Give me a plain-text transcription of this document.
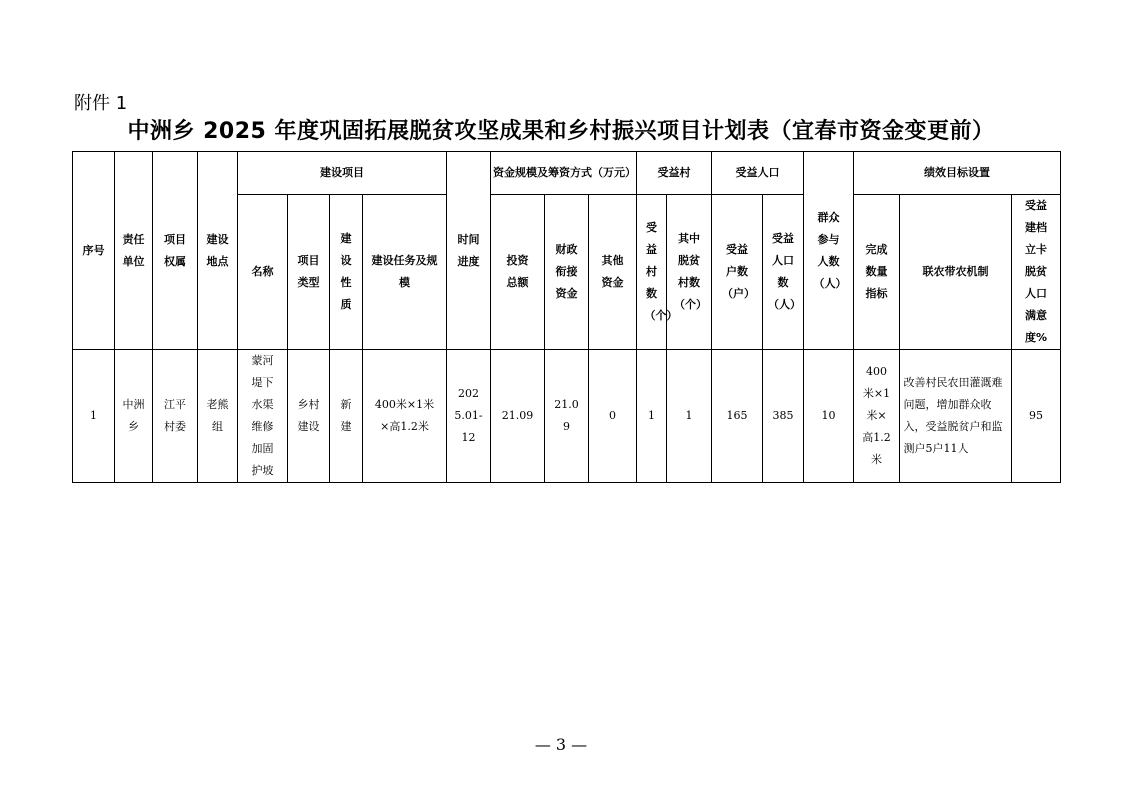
附件 1
中洲乡 2025 年度巩固拓展脱贫攻坚成果和乡村振兴项目计划表（宜春市资金变更前）
序号	责任单位	项目权属	建设地点	建设项目				时间进度	资金规模及筹资方式（万元）			受益村		受益人口		群众参与人数（人）	绩效目标设置		
				名称	项目类型	建设性质	建设任务及规模		投资总额	财政衔接资金	其他资金	受益村数（个）	其中脱贫村数（个）	受益户数（户）	受益人口数（人）		完成数量指标	联农带农机制	受益建档立卡脱贫人口满意度%
1	中洲乡	江平村委	老熊组	蒙河堤下水渠维修加固护坡	乡村建设	新建	400米×1米×高1.2米	2025.01-12	21.09	21.09	0	1	1	165	385	10	400米×1米×高1.2米	改善村民农田灌溉难问题，增加群众收入，受益脱贫户和监测户5户11人	95
— 3 —
